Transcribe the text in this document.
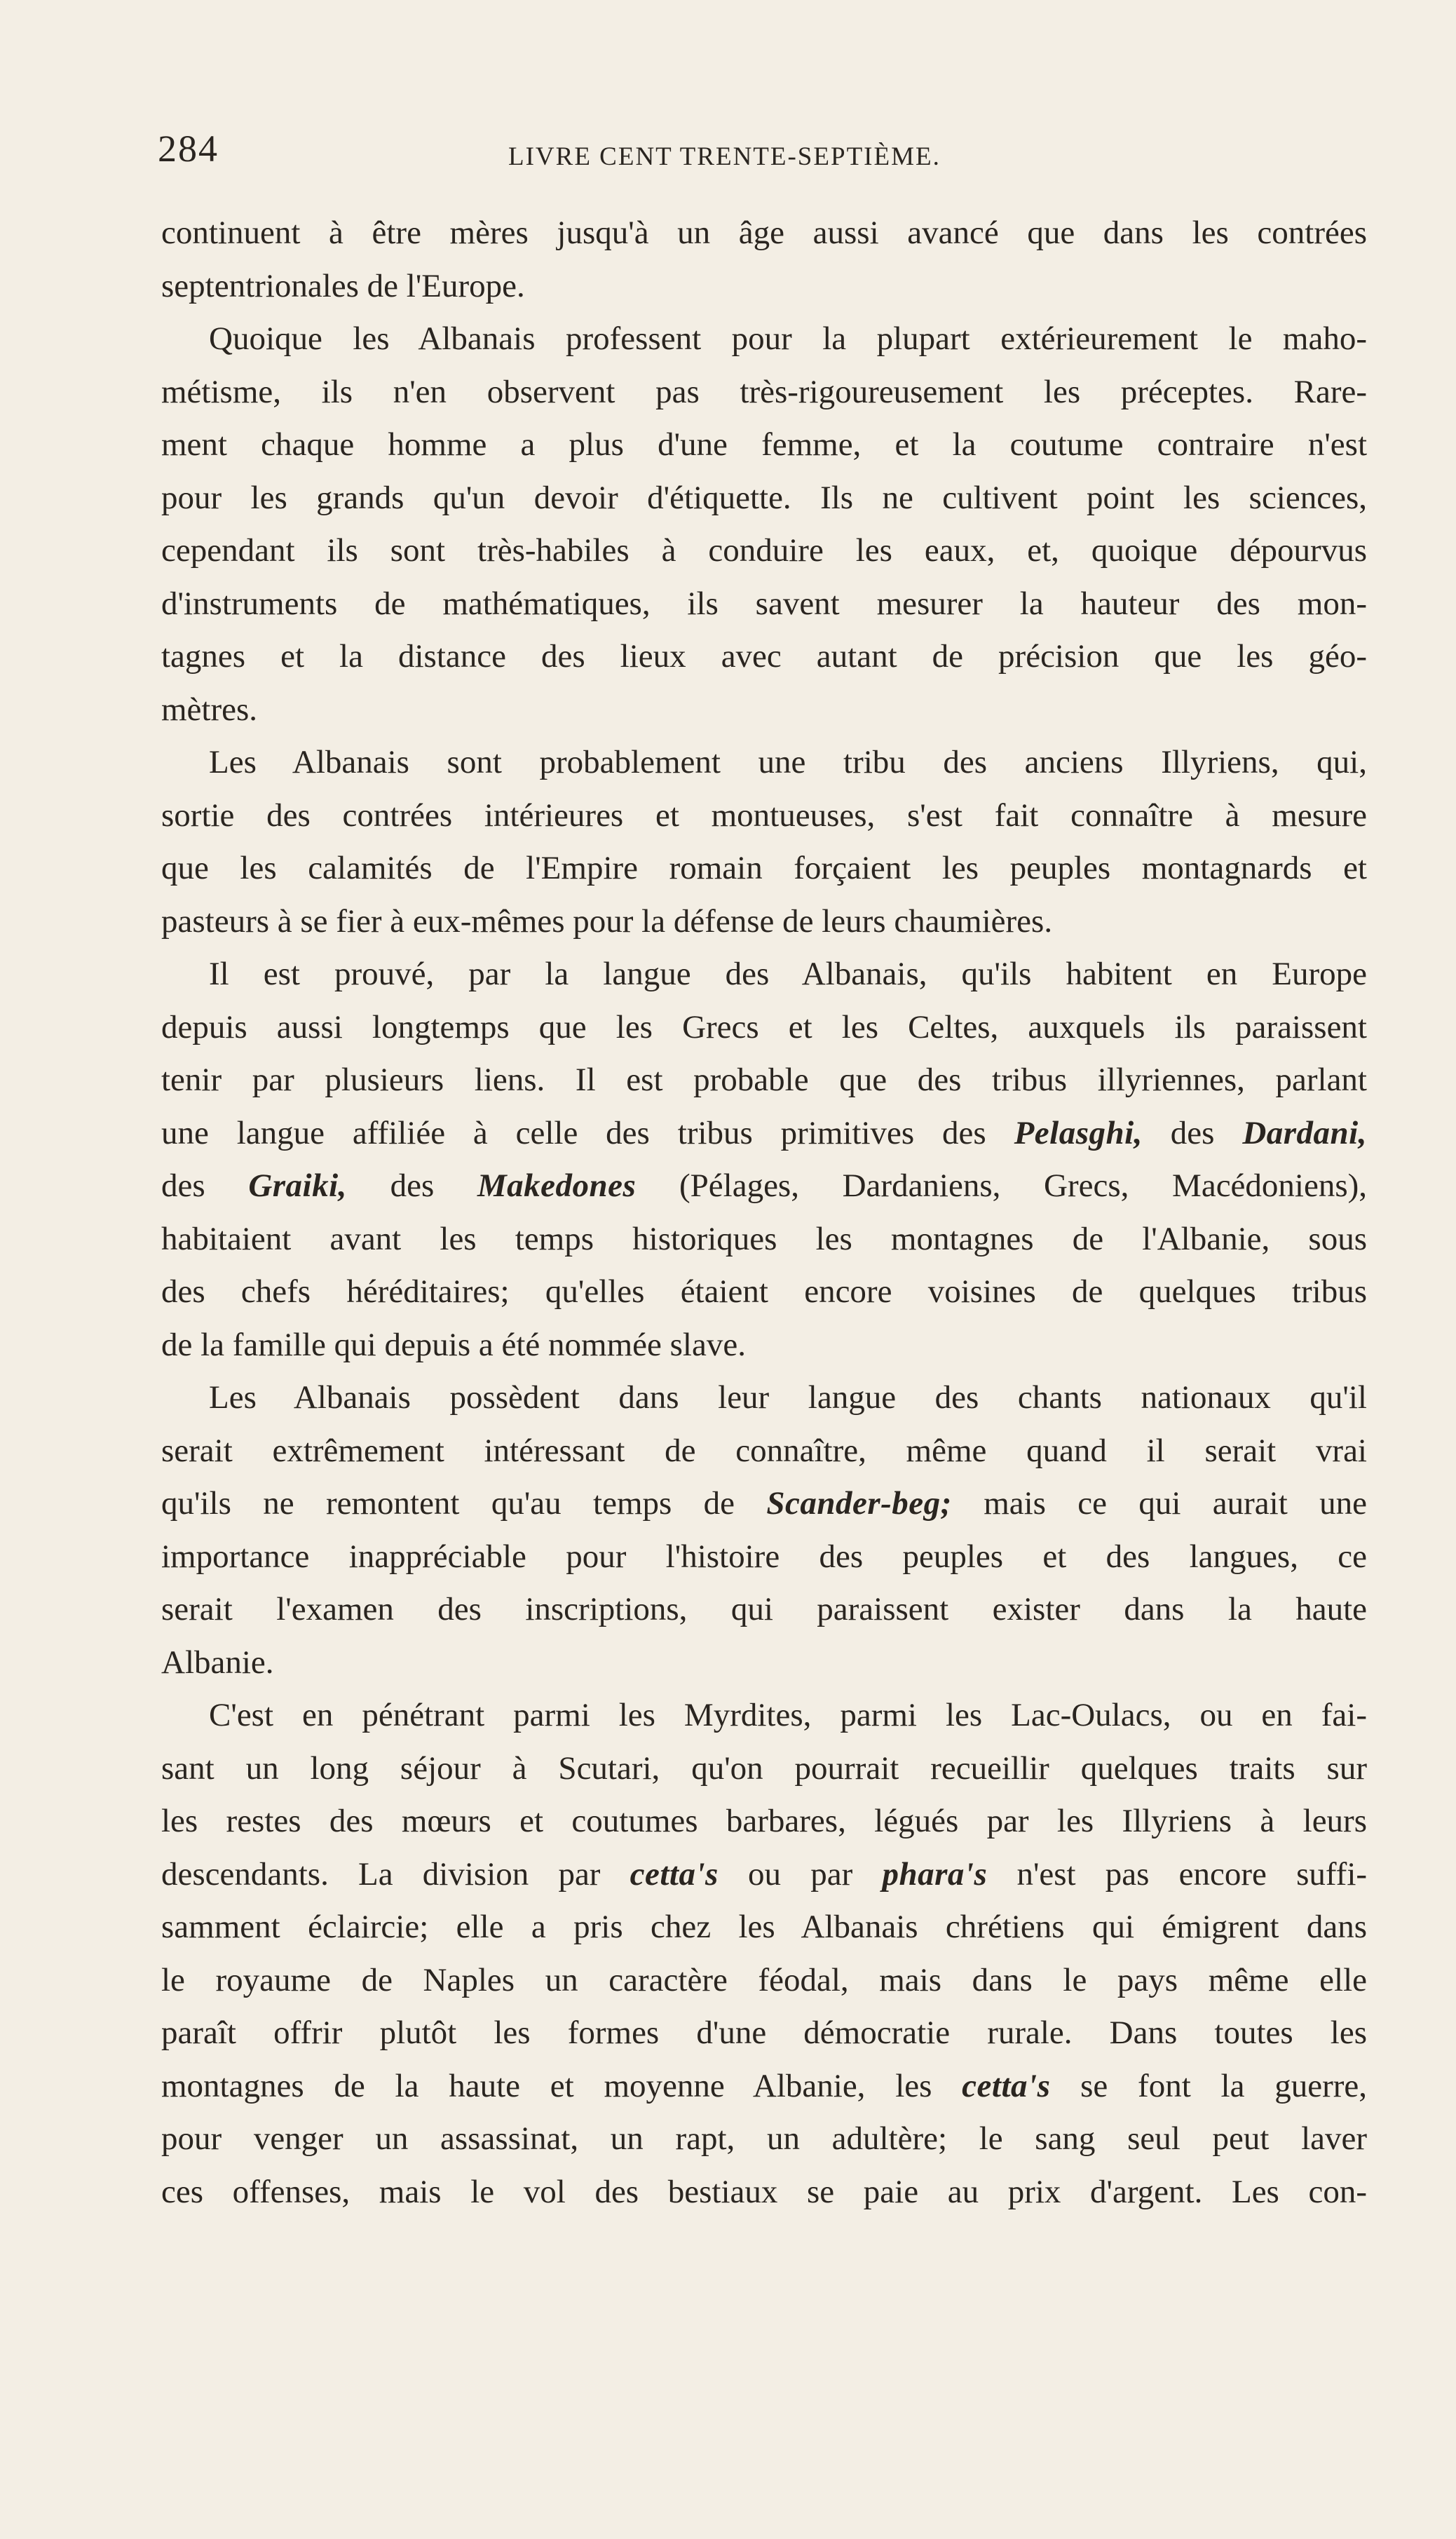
284	LIVRE CENT TRENTE-SEPTIÈME.

continuent à être mères jusqu'à un âge aussi avancé que dans les contrées
septentrionales de l'Europe.

Quoique les Albanais professent pour la plupart extérieurement le maho-
métisme, ils n'en observent pas très-rigoureusement les préceptes. Rare-
ment chaque homme a plus d'une femme, et la coutume contraire n'est
pour les grands qu'un devoir d'étiquette. Ils ne cultivent point les sciences,
cependant ils sont très-habiles à conduire les eaux, et, quoique dépourvus
d'instruments de mathématiques, ils savent mesurer la hauteur des mon-
tagnes et la distance des lieux avec autant de précision que les géo-
mètres.

Les Albanais sont probablement une tribu des anciens Illyriens, qui,
sortie des contrées intérieures et montueuses, s'est fait connaître à mesure
que les calamités de l'Empire romain forçaient les peuples montagnards et
pasteurs à se fier à eux-mêmes pour la défense de leurs chaumières.

Il est prouvé, par la langue des Albanais, qu'ils habitent en Europe
depuis aussi longtemps que les Grecs et les Celtes, auxquels ils paraissent
tenir par plusieurs liens. Il est probable que des tribus illyriennes, parlant
une langue affiliée à celle des tribus primitives des Pelasghi, des Dardani,
des Graiki, des Makedones (Pélages, Dardaniens, Grecs, Macédoniens),
habitaient avant les temps historiques les montagnes de l'Albanie, sous
des chefs héréditaires; qu'elles étaient encore voisines de quelques tribus
de la famille qui depuis a été nommée slave.

Les Albanais possèdent dans leur langue des chants nationaux qu'il
serait extrêmement intéressant de connaître, même quand il serait vrai
qu'ils ne remontent qu'au temps de Scander-beg; mais ce qui aurait une
importance inappréciable pour l'histoire des peuples et des langues, ce
serait l'examen des inscriptions, qui paraissent exister dans la haute
Albanie.

C'est en pénétrant parmi les Myrdites, parmi les Lac-Oulacs, ou en fai-
sant un long séjour à Scutari, qu'on pourrait recueillir quelques traits sur
les restes des mœurs et coutumes barbares, légués par les Illyriens à leurs
descendants. La division par cetta's ou par phara's n'est pas encore suffi-
samment éclaircie; elle a pris chez les Albanais chrétiens qui émigrent dans
le royaume de Naples un caractère féodal, mais dans le pays même elle
paraît offrir plutôt les formes d'une démocratie rurale. Dans toutes les
montagnes de la haute et moyenne Albanie, les cetta's se font la guerre,
pour venger un assassinat, un rapt, un adultère; le sang seul peut laver
ces offenses, mais le vol des bestiaux se paie au prix d'argent. Les con-
